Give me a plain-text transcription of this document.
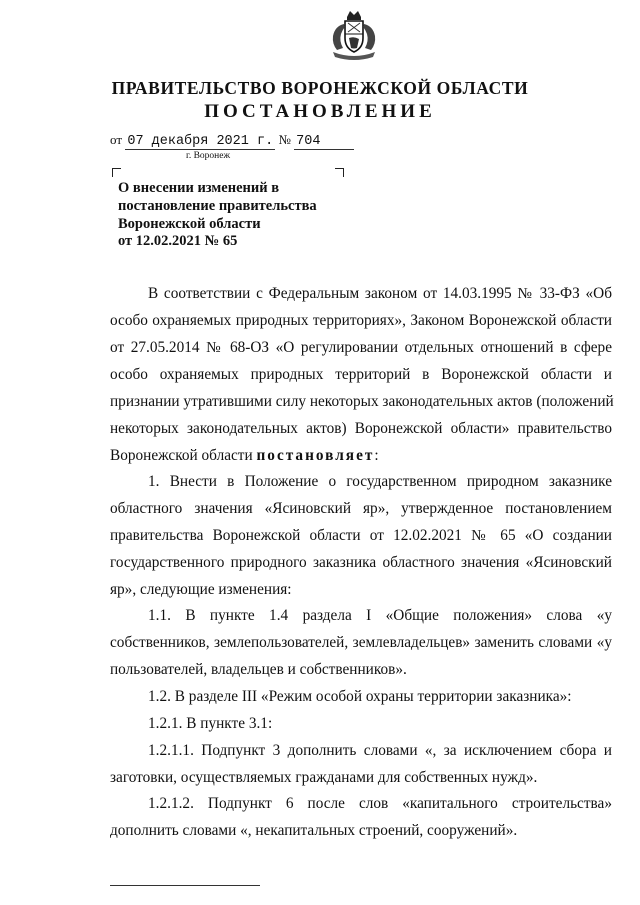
ПРАВИТЕЛЬСТВО ВОРОНЕЖСКОЙ ОБЛАСТИ
ПОСТАНОВЛЕНИЕ
от 07 декабря 2021 г. № 704
г. Воронеж
О внесении изменений в
постановление правительства
Воронежской области
от 12.02.2021 № 65
В соответствии с Федеральным законом от 14.03.1995 № 33-ФЗ «Об
особо охраняемых природных территориях», Законом Воронежской области
от 27.05.2014 № 68-ОЗ «О регулировании отдельных отношений в сфере
особо охраняемых природных территорий в Воронежской области и
признании утратившими силу некоторых законодательных актов (положений
некоторых законодательных актов) Воронежской области» правительство
Воронежской области постановляет:
1. Внести в Положение о государственном природном заказнике
областного значения «Ясиновский яр», утвержденное постановлением
правительства Воронежской области от 12.02.2021 № 65 «О создании
государственного природного заказника областного значения «Ясиновский
яр», следующие изменения:
1.1. В пункте 1.4 раздела I «Общие положения» слова «у
собственников, землепользователей, землевладельцев» заменить словами «у
пользователей, владельцев и собственников».
1.2. В разделе III «Режим особой охраны территории заказника»:
1.2.1. В пункте 3.1:
1.2.1.1. Подпункт 3 дополнить словами «, за исключением сбора и
заготовки, осуществляемых гражданами для собственных нужд».
1.2.1.2. Подпункт 6 после слов «капитального строительства»
дополнить словами «, некапитальных строений, сооружений».
